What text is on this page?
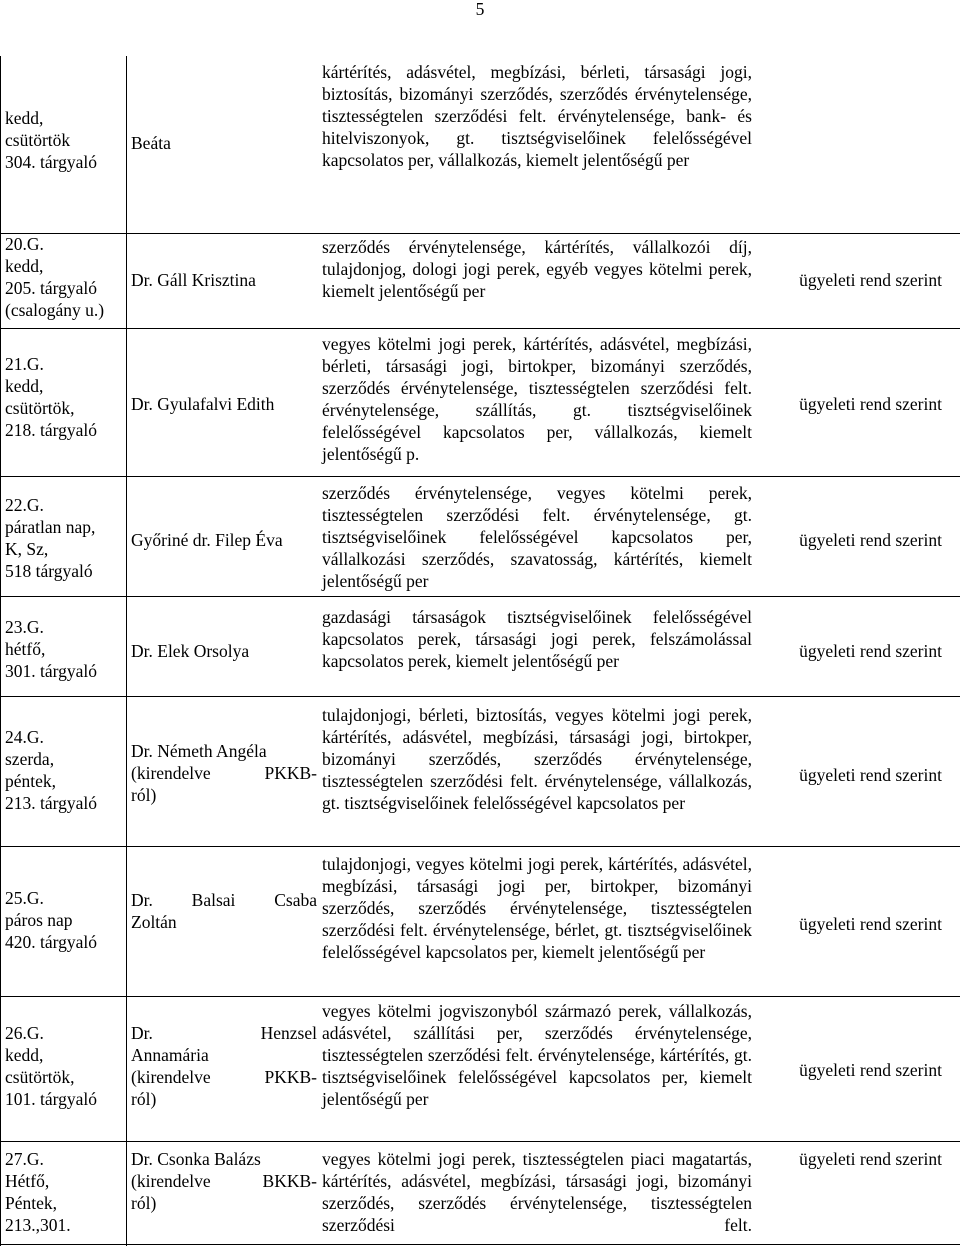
5
kedd,
csütörtök
304. tárgyaló
Beáta
kártérítés, adásvétel, megbízási, bérleti, társasági jogi, biztosítás, bizományi szerződés, szerződés érvénytelensége, tisztességtelen szerződési felt. érvénytelensége, bank- és hitelviszonyok, gt. tisztségviselőinek felelősségével kapcsolatos per, vállalkozás, kiemelt jelentőségű per
20.G.
kedd,
205. tárgyaló
(csalogány u.)
Dr. Gáll Krisztina
szerződés érvénytelensége, kártérítés, vállalkozói díj, tulajdonjog, dologi jogi perek, egyéb vegyes kötelmi perek, kiemelt jelentőségű per
ügyeleti rend szerint
21.G.
kedd,
csütörtök,
218. tárgyaló
Dr. Gyulafalvi Edith
vegyes kötelmi jogi perek, kártérítés, adásvétel, megbízási, bérleti, társasági jogi, birtokper, bizományi szerződés, szerződés érvénytelensége, tisztességtelen szerződési felt. érvénytelensége, szállítás, gt. tisztségviselőinek felelősségével kapcsolatos per, vállalkozás, kiemelt jelentőségű p.
ügyeleti rend szerint
22.G.
páratlan nap,
K, Sz,
518 tárgyaló
Győriné dr. Filep Éva
szerződés érvénytelensége, vegyes kötelmi perek, tisztességtelen szerződési felt. érvénytelensége, gt. tisztségviselőinek felelősségével kapcsolatos per, vállalkozási szerződés, szavatosság, kártérítés, kiemelt jelentőségű per
ügyeleti rend szerint
23.G.
hétfő,
301. tárgyaló
Dr. Elek Orsolya
gazdasági társaságok tisztségviselőinek felelősségével kapcsolatos perek, társasági jogi perek, felszámolással kapcsolatos perek, kiemelt jelentőségű per	ügyeleti rend szerint
24.G.
szerda,
péntek,
213. tárgyaló
Dr. Németh Angéla
(kirendelve PKKB-
ról)
tulajdonjogi, bérleti, biztosítás, vegyes kötelmi jogi perek, kártérítés, adásvétel, megbízási, társasági jogi, birtokper, bizományi szerződés, szerződés érvénytelensége, tisztességtelen szerződési felt. érvénytelensége, vállalkozás, gt. tisztségviselőinek felelősségével kapcsolatos per
ügyeleti rend szerint
25.G.
páros nap
420. tárgyaló
Dr. Balsai Csaba
Zoltán
tulajdonjogi, vegyes kötelmi jogi perek, kártérítés, adásvétel, megbízási, társasági jogi per, birtokper, bizományi szerződés, szerződés érvénytelensége, tisztességtelen szerződési felt. érvénytelensége, bérlet, gt. tisztségviselőinek felelősségével kapcsolatos per, kiemelt jelentőségű per
ügyeleti rend szerint
26.G.
kedd,
csütörtök,
101. tárgyaló
Dr. Henzsel
Annamária
(kirendelve PKKB-
ról)
vegyes kötelmi jogviszonyból származó perek, vállalkozás, adásvétel, szállítási per, szerződés érvénytelensége, tisztességtelen szerződési felt. érvénytelensége, kártérítés, gt. tisztségviselőinek felelősségével kapcsolatos per, kiemelt jelentőségű per
ügyeleti rend szerint
27.G.
Hétfő,
Péntek,
213.,301.
Dr. Csonka Balázs
(kirendelve BKKB-
ról)
vegyes kötelmi jogi perek, tisztességtelen piaci magatartás, kártérítés, adásvétel, megbízási, társasági jogi, bizományi szerződés, szerződés érvénytelensége, tisztességtelen szerződési felt.
ügyeleti rend szerint
